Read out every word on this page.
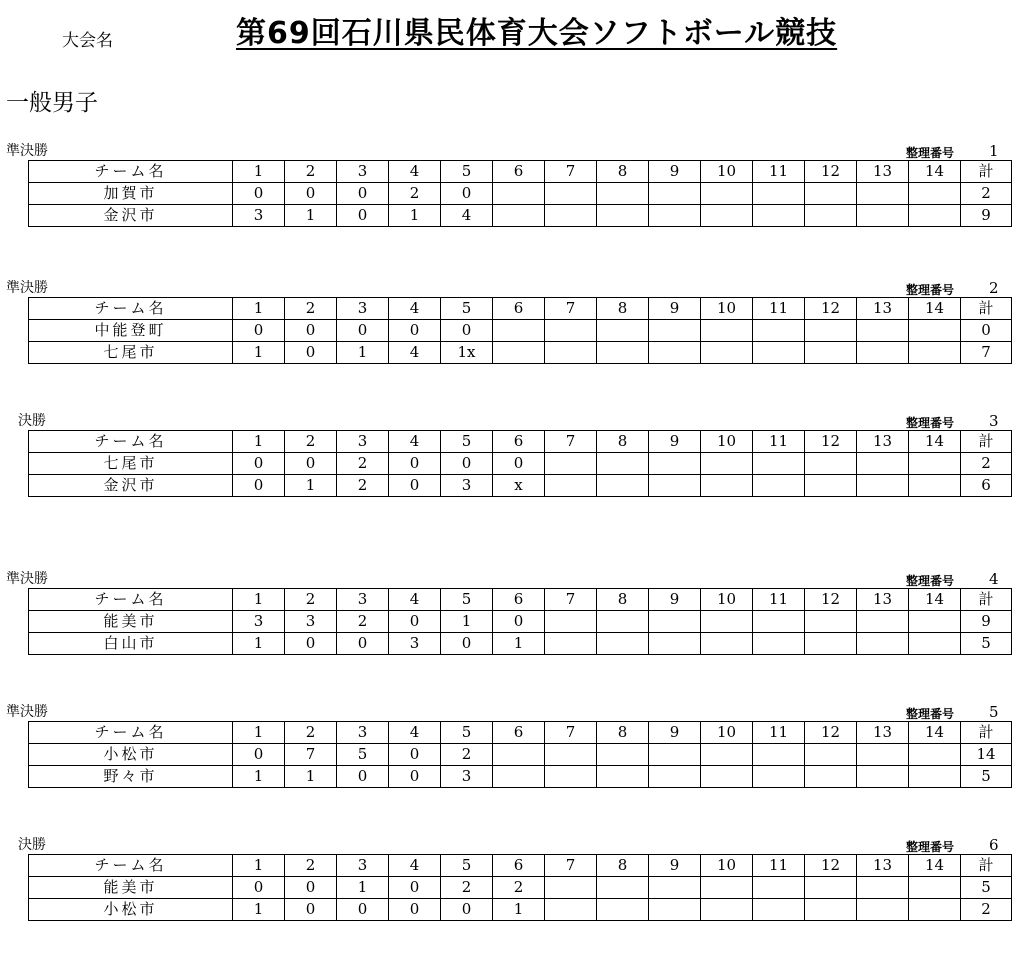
大会名	第69回石川県民体育大会ソフトボール競技
一般男子
準決勝	整理番号 1
チーム名	1	2	3	4	5	6	7	8	9	10	11	12	13	14	計
加賀市	0	0	0	2	0										2
金沢市	3	1	0	1	4										9
準決勝	整理番号 2
チーム名	1	2	3	4	5	6	7	8	9	10	11	12	13	14	計
中能登町	0	0	0	0	0										0
七尾市	1	0	1	4	1x										7
決勝	整理番号 3
チーム名	1	2	3	4	5	6	7	8	9	10	11	12	13	14	計
七尾市	0	0	2	0	0	0									2
金沢市	0	1	2	0	3	x									6
準決勝	整理番号 4
チーム名	1	2	3	4	5	6	7	8	9	10	11	12	13	14	計
能美市	3	3	2	0	1	0									9
白山市	1	0	0	3	0	1									5
準決勝	整理番号 5
チーム名	1	2	3	4	5	6	7	8	9	10	11	12	13	14	計
小松市	0	7	5	0	2										14
野々市	1	1	0	0	3										5
決勝	整理番号 6
チーム名	1	2	3	4	5	6	7	8	9	10	11	12	13	14	計
能美市	0	0	1	0	2	2									5
小松市	1	0	0	0	0	1									2
